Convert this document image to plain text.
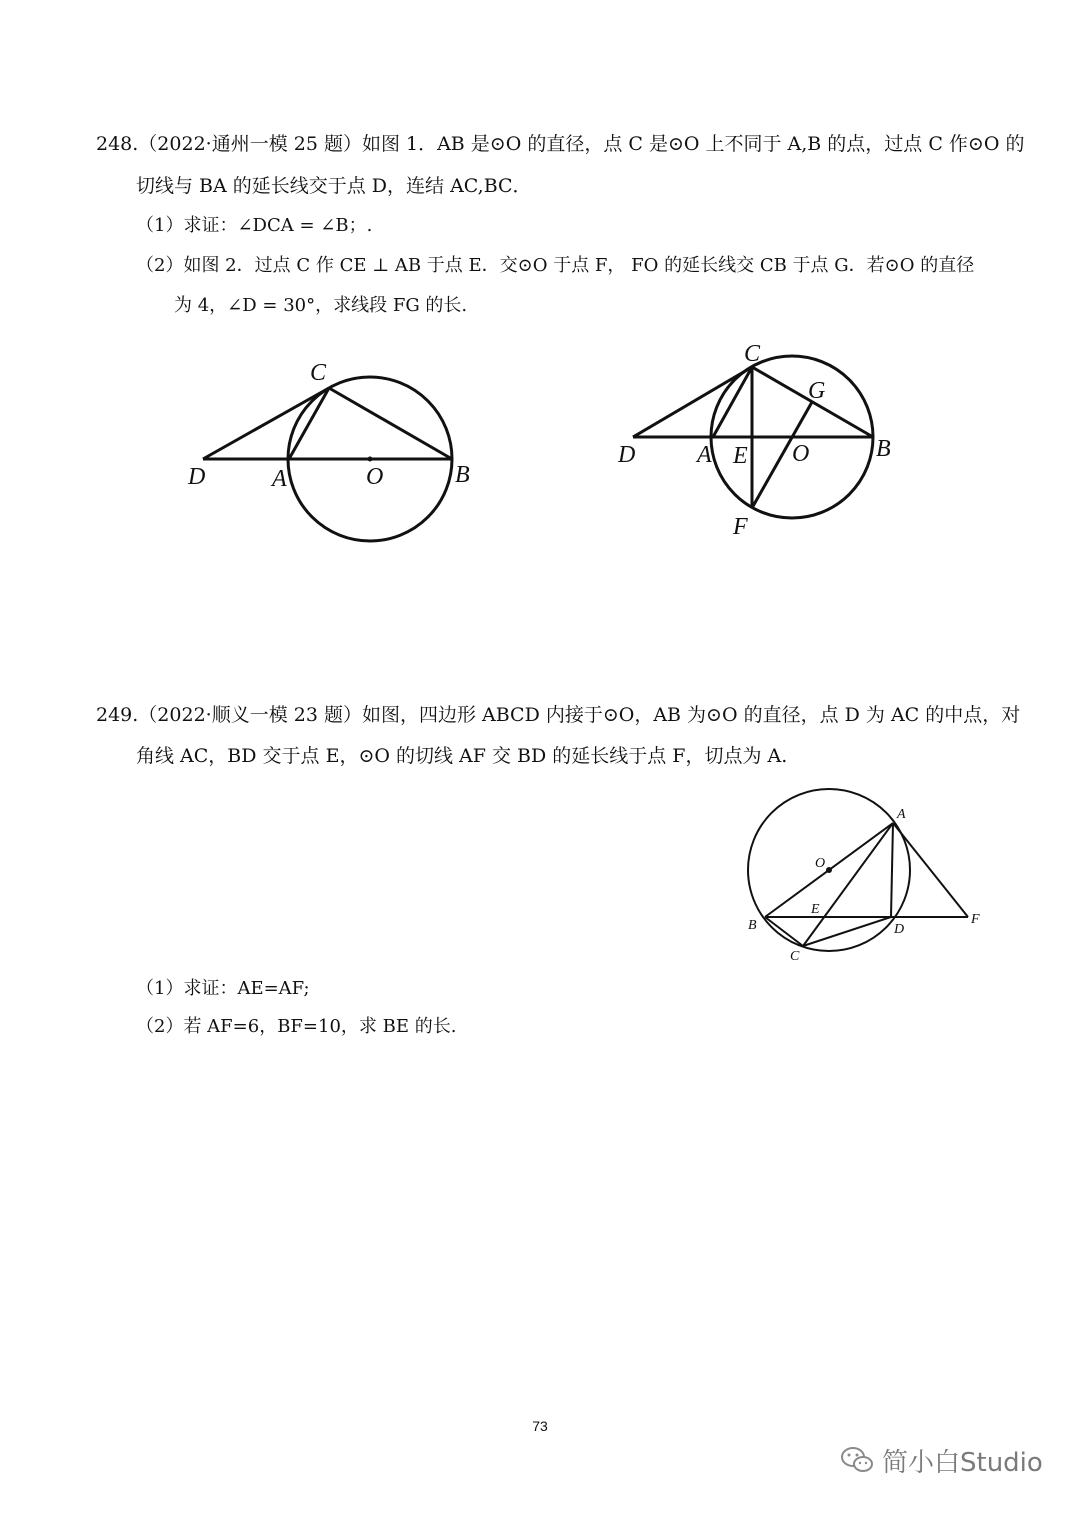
248.（2022·通州一模 25 题）如图 1．AB 是⊙O 的直径，点 C 是⊙O 上不同于 A,B 的点，过点 C 作⊙O 的
切线与 BA 的延长线交于点 D，连结 AC,BC．
（1）求证：∠DCA = ∠B；.
（2）如图 2．过点 C 作 CE ⊥ AB 于点 E．交⊙O 于点 F， FO 的延长线交 CB 于点 G．若⊙O 的直径
为 4，∠D = 30°，求线段 FG 的长.
C
D	A	O	B
C
G
D	A E O	B
F
249.（2022·顺义一模 23 题）如图，四边形 ABCD 内接于⊙O，AB 为⊙O 的直径，点 D 为 AC 的中点，对
角线 AC，BD 交于点 E，⊙O 的切线 AF 交 BD 的延长线于点 F，切点为 A.
A
O
E
B	D
F
C
（1）求证：AE=AF;
（2）若 AF=6，BF=10，求 BE 的长.
73
简小白Studio
